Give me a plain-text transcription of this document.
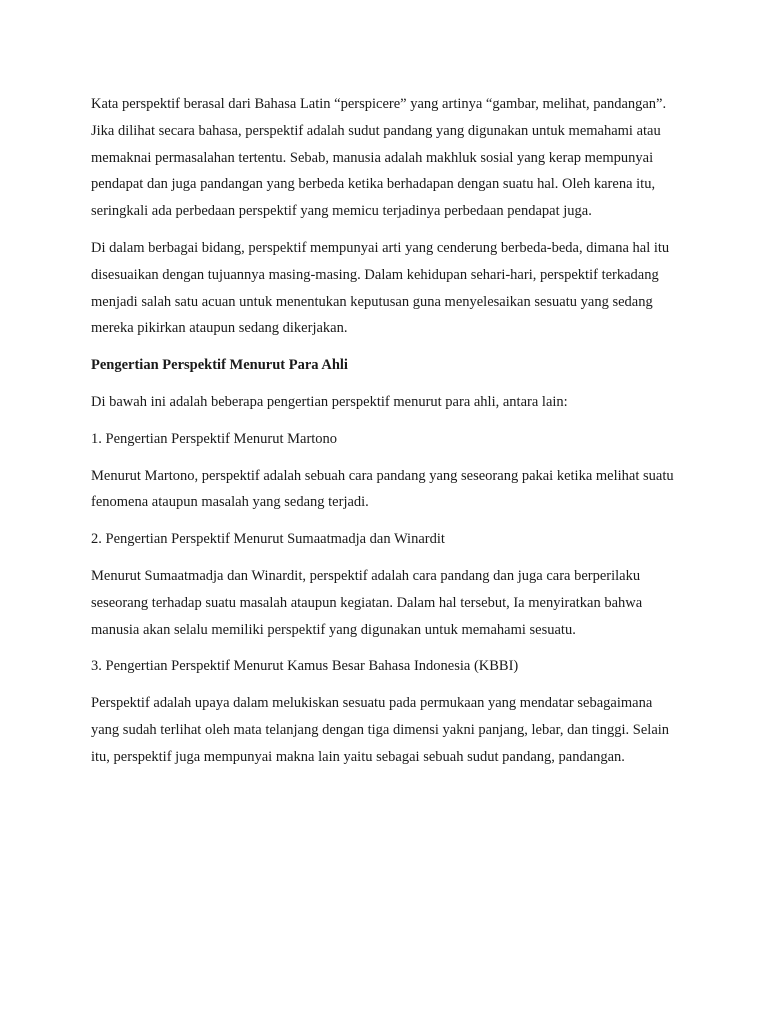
Kata perspektif berasal dari Bahasa Latin “perspicere” yang artinya “gambar, melihat, pandangan”. Jika dilihat secara bahasa, perspektif adalah sudut pandang yang digunakan untuk memahami atau memaknai permasalahan tertentu. Sebab, manusia adalah makhluk sosial yang kerap mempunyai pendapat dan juga pandangan yang berbeda ketika berhadapan dengan suatu hal. Oleh karena itu, seringkali ada perbedaan perspektif yang memicu terjadinya perbedaan pendapat juga.

Di dalam berbagai bidang, perspektif mempunyai arti yang cenderung berbeda-beda, dimana hal itu disesuaikan dengan tujuannya masing-masing. Dalam kehidupan sehari-hari, perspektif terkadang menjadi salah satu acuan untuk menentukan keputusan guna menyelesaikan sesuatu yang sedang mereka pikirkan ataupun sedang dikerjakan.

Pengertian Perspektif Menurut Para Ahli

Di bawah ini adalah beberapa pengertian perspektif menurut para ahli, antara lain:

1. Pengertian Perspektif Menurut Martono

Menurut Martono, perspektif adalah sebuah cara pandang yang seseorang pakai ketika melihat suatu fenomena ataupun masalah yang sedang terjadi.

2. Pengertian Perspektif Menurut Sumaatmadja dan Winardit

Menurut Sumaatmadja dan Winardit, perspektif adalah cara pandang dan juga cara berperilaku seseorang terhadap suatu masalah ataupun kegiatan. Dalam hal tersebut, Ia menyiratkan bahwa manusia akan selalu memiliki perspektif yang digunakan untuk memahami sesuatu.

3. Pengertian Perspektif Menurut Kamus Besar Bahasa Indonesia (KBBI)

Perspektif adalah upaya dalam melukiskan sesuatu pada permukaan yang mendatar sebagaimana yang sudah terlihat oleh mata telanjang dengan tiga dimensi yakni panjang, lebar, dan tinggi. Selain itu, perspektif juga mempunyai makna lain yaitu sebagai sebuah sudut pandang, pandangan.
